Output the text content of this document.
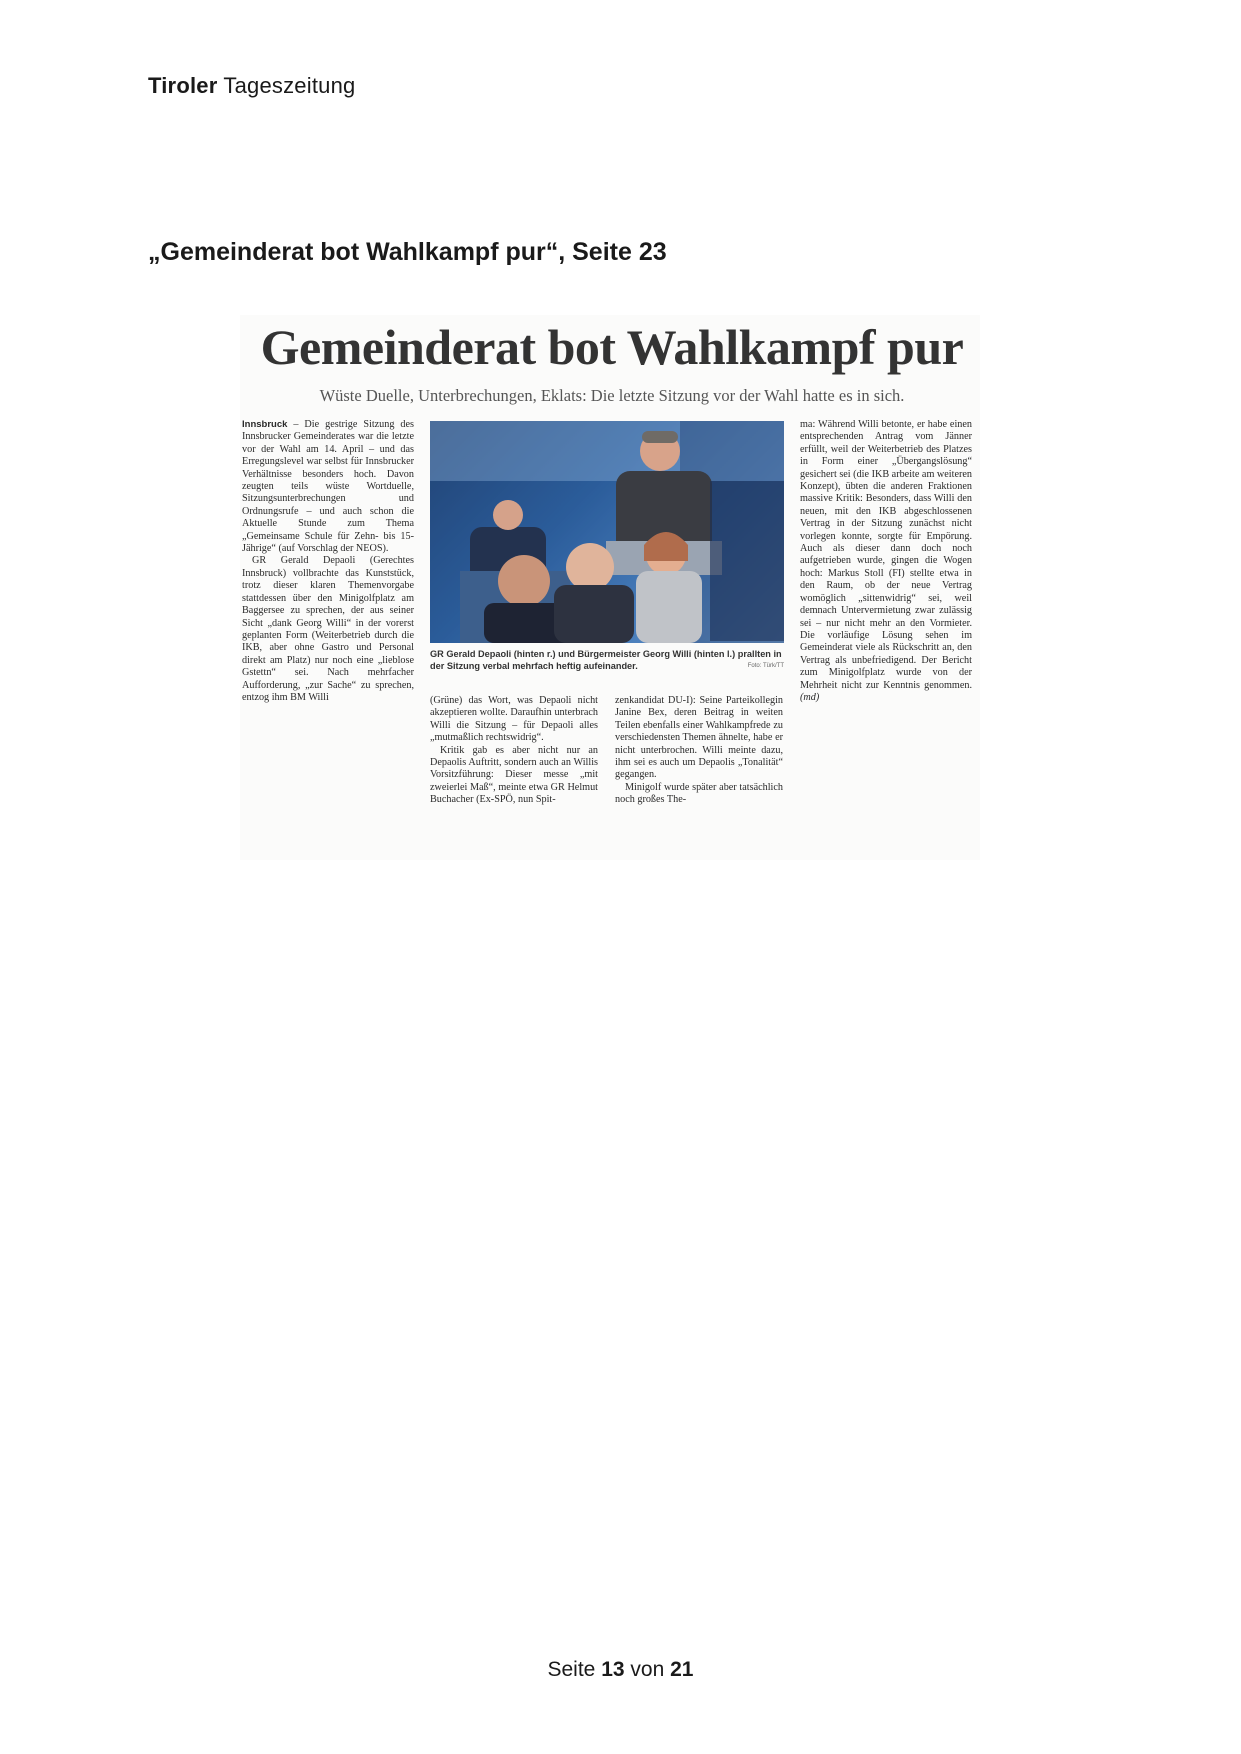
Tiroler Tageszeitung
„Gemeinderat bot Wahlkampf pur“, Seite 23
Gemeinderat bot Wahlkampf pur
Wüste Duelle, Unterbrechungen, Eklats: Die letzte Sitzung vor der Wahl hatte es in sich.

Innsbruck – Die gestrige Sitzung des Innsbrucker Gemeinderates war die letzte vor der Wahl am 14. April – und das Erregungslevel war selbst für Innsbrucker Verhältnisse besonders hoch. Davon zeugten teils wüste Wortduelle, Sitzungsunterbrechungen und Ordnungsrufe – und auch schon die Aktuelle Stunde zum Thema „Gemeinsame Schule für Zehn- bis 15-Jährige“ (auf Vorschlag der NEOS).

GR Gerald Depaoli (Gerechtes Innsbruck) vollbrachte das Kunststück, trotz dieser klaren Themenvorgabe stattdessen über den Minigolfplatz am Baggersee zu sprechen, der aus seiner Sicht „dank Georg Willi“ in der vorerst geplanten Form (Weiterbetrieb durch die IKB, aber ohne Gastro und Personal direkt am Platz) nur noch eine „lieblose Gstettn“ sei. Nach mehrfacher Aufforderung, „zur Sache“ zu sprechen, entzog ihm BM Willi

GR Gerald Depaoli (hinten r.) und Bürgermeister Georg Willi (hinten l.) prallten in der Sitzung verbal mehrfach heftig aufeinander.	Foto: Türk/TT

(Grüne) das Wort, was Depaoli nicht akzeptieren wollte. Daraufhin unterbrach Willi die Sitzung – für Depaoli alles „mutmaßlich rechtswidrig“.

Kritik gab es aber nicht nur an Depaolis Auftritt, sondern auch an Willis Vorsitzführung: Dieser messe „mit zweierlei Maß“, meinte etwa GR Helmut Buchacher (Ex-SPÖ, nun Spit-

zenkandidat DU-I): Seine Parteikollegin Janine Bex, deren Beitrag in weiten Teilen ebenfalls einer Wahlkampfrede zu verschiedensten Themen ähnelte, habe er nicht unterbrochen. Willi meinte dazu, ihm sei es auch um Depaolis „Tonalität“ gegangen.

Minigolf wurde später aber tatsächlich noch großes The-

ma: Während Willi betonte, er habe einen entsprechenden Antrag vom Jänner erfüllt, weil der Weiterbetrieb des Platzes in Form einer „Übergangslösung“ gesichert sei (die IKB arbeite am weiteren Konzept), übten die anderen Fraktionen massive Kritik: Besonders, dass Willi den neuen, mit den IKB abgeschlossenen Vertrag in der Sitzung zunächst nicht vorlegen konnte, sorgte für Empörung. Auch als dieser dann doch noch aufgetrieben wurde, gingen die Wogen hoch: Markus Stoll (FI) stellte etwa in den Raum, ob der neue Vertrag womöglich „sittenwidrig“ sei, weil demnach Untervermietung zwar zulässig sei – nur nicht mehr an den Vormieter. Die vorläufige Lösung sehen im Gemeinderat viele als Rückschritt an, den Vertrag als unbefriedigend. Der Bericht zum Minigolfplatz wurde von der Mehrheit nicht zur Kenntnis genommen. (md)

Seite 13 von 21
